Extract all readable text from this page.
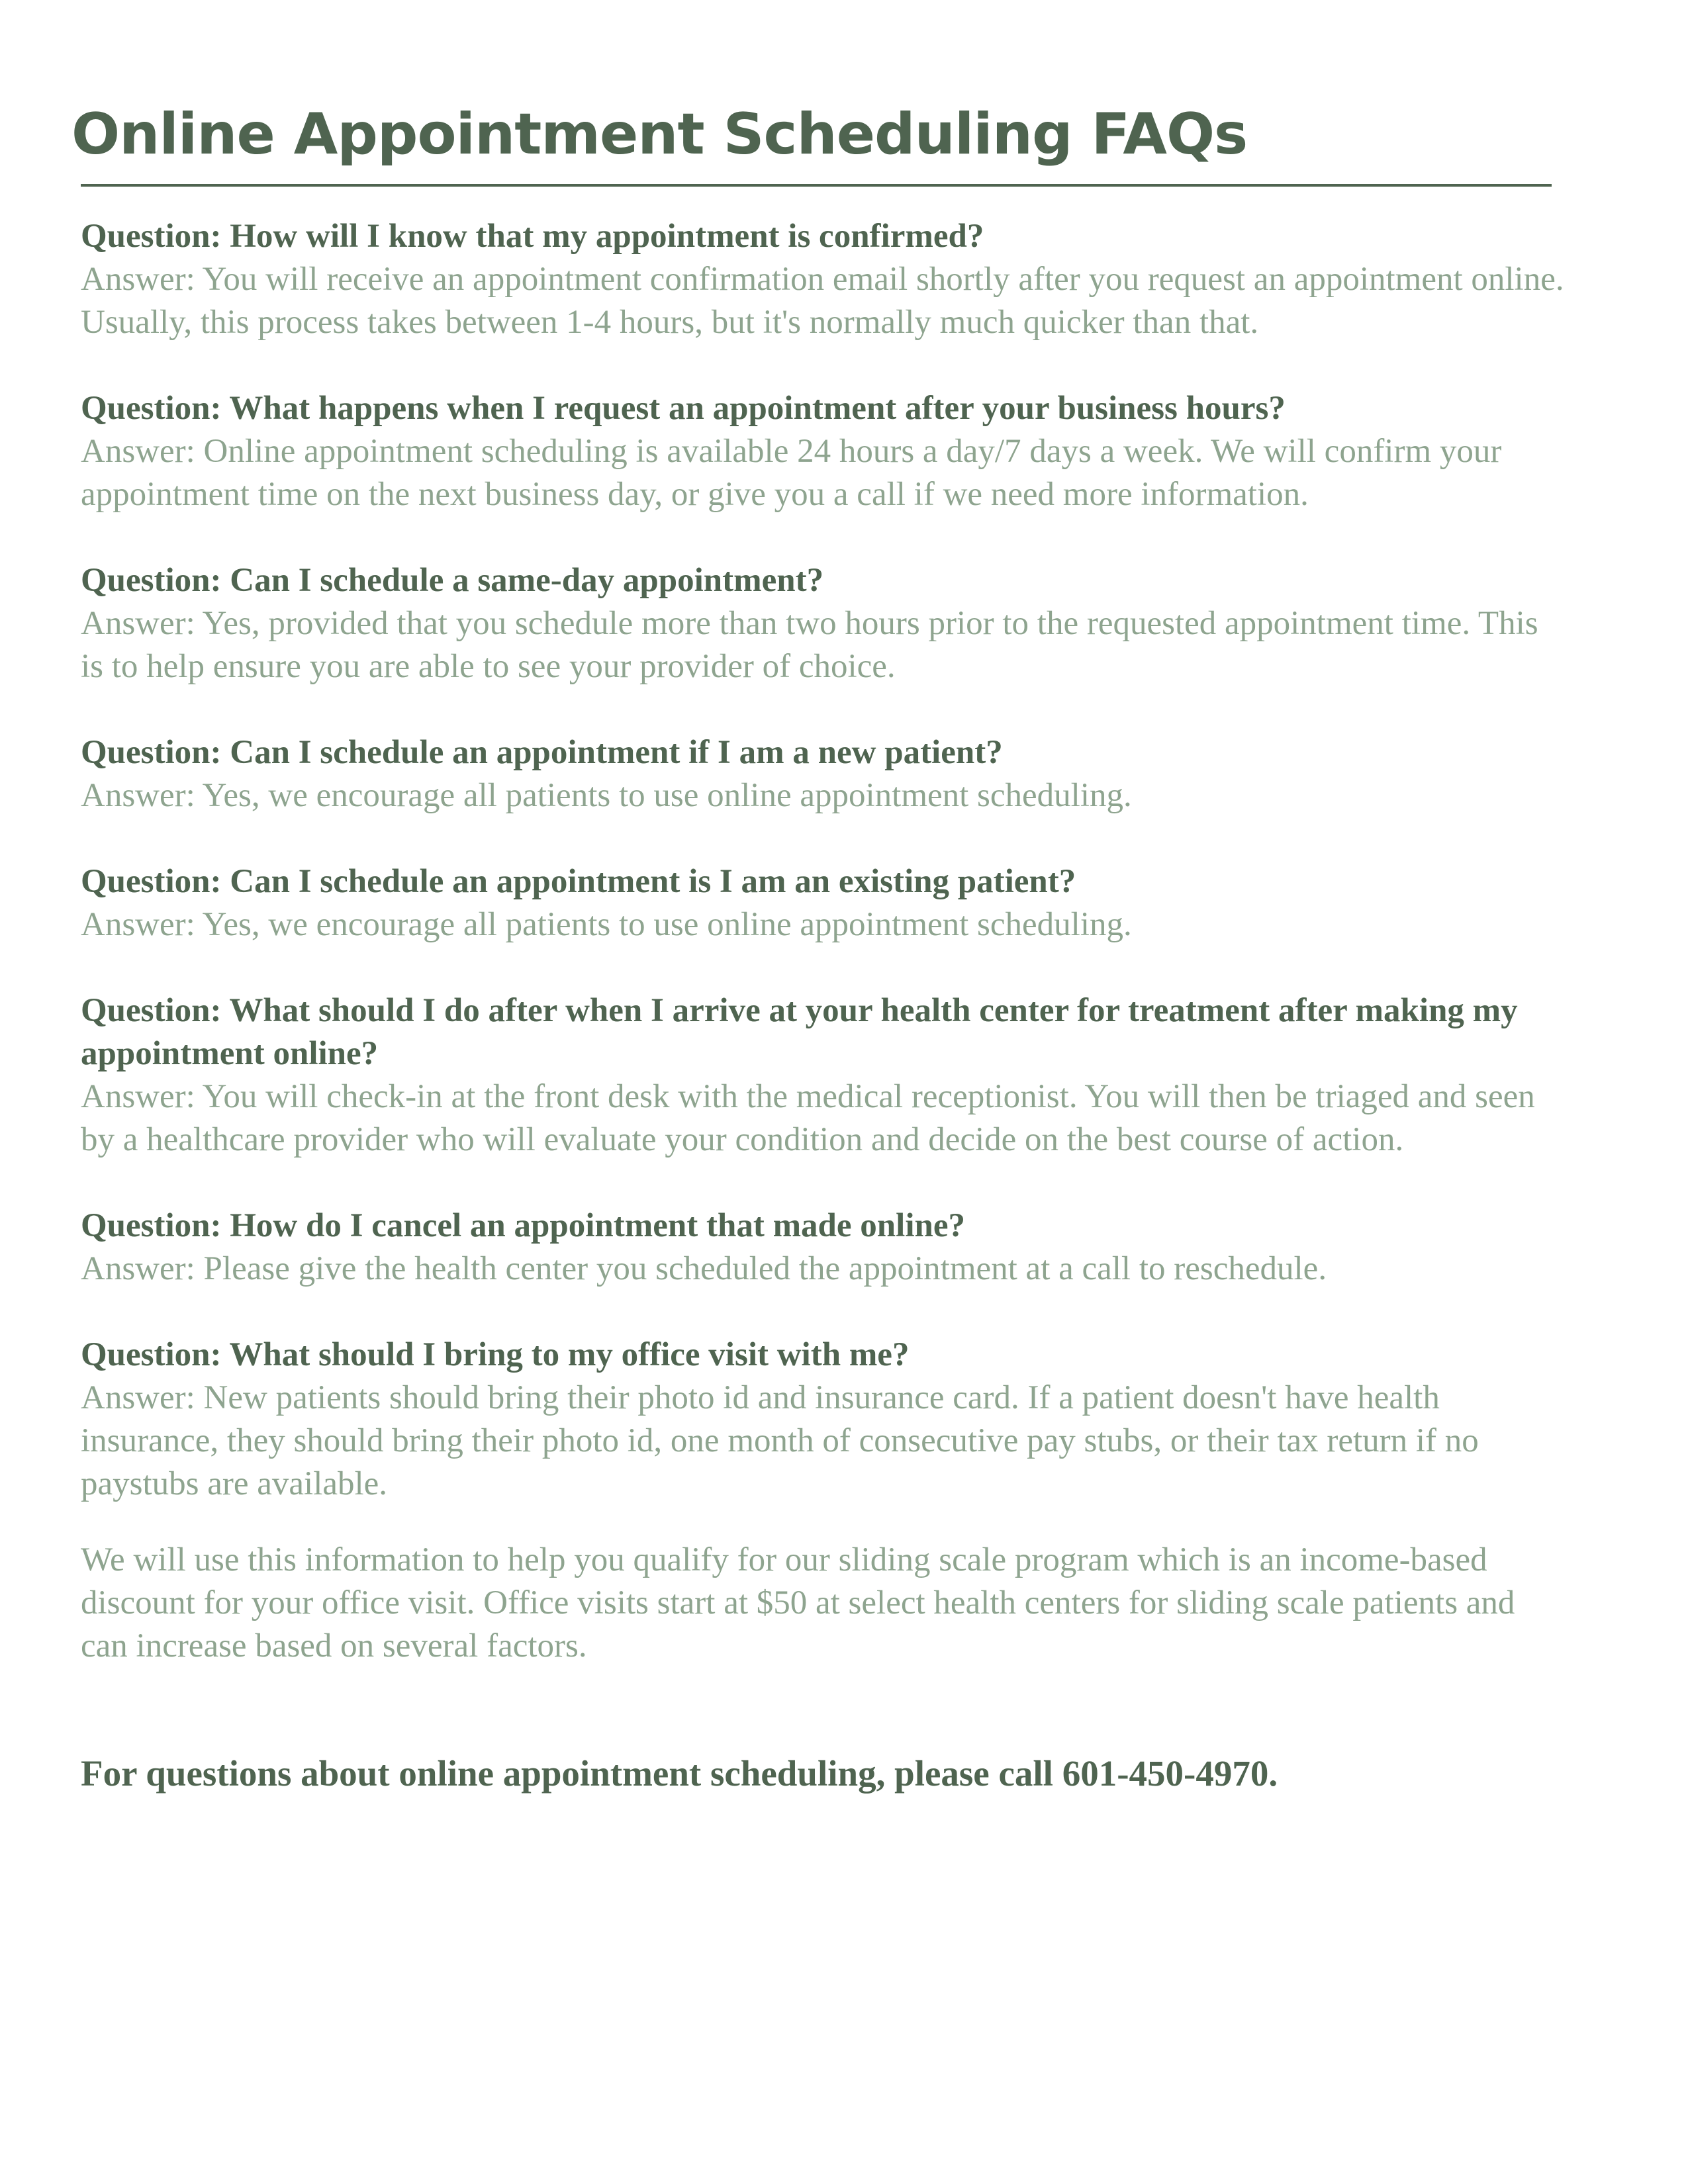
Online Appointment Scheduling FAQs

Question: How will I know that my appointment is confirmed?

Answer: You will receive an appointment confirmation email shortly after you request an appointment online. Usually, this process takes between 1-4 hours, but it's normally much quicker than that.

Question: What happens when I request an appointment after your business hours?

Answer: Online appointment scheduling is available 24 hours a day/7 days a week. We will confirm your appointment time on the next business day, or give you a call if we need more information.

Question: Can I schedule a same-day appointment?

Answer: Yes, provided that you schedule more than two hours prior to the requested appointment time. This is to help ensure you are able to see your provider of choice.

Question: Can I schedule an appointment if I am a new patient?

Answer: Yes, we encourage all patients to use online appointment scheduling.

Question: Can I schedule an appointment is I am an existing patient?

Answer: Yes, we encourage all patients to use online appointment scheduling.

Question: What should I do after when I arrive at your health center for treatment after making my appointment online?

Answer: You will check-in at the front desk with the medical receptionist. You will then be triaged and seen by a healthcare provider who will evaluate your condition and decide on the best course of action.

Question: How do I cancel an appointment that made online?

Answer: Please give the health center you scheduled the appointment at a call to reschedule.

Question: What should I bring to my office visit with me?

Answer: New patients should bring their photo id and insurance card. If a patient doesn't have health insurance, they should bring their photo id, one month of consecutive pay stubs, or their tax return if no paystubs are available.

We will use this information to help you qualify for our sliding scale program which is an income-based discount for your office visit. Office visits start at $50 at select health centers for sliding scale patients and can increase based on several factors.

For questions about online appointment scheduling, please call 601-450-4970.
